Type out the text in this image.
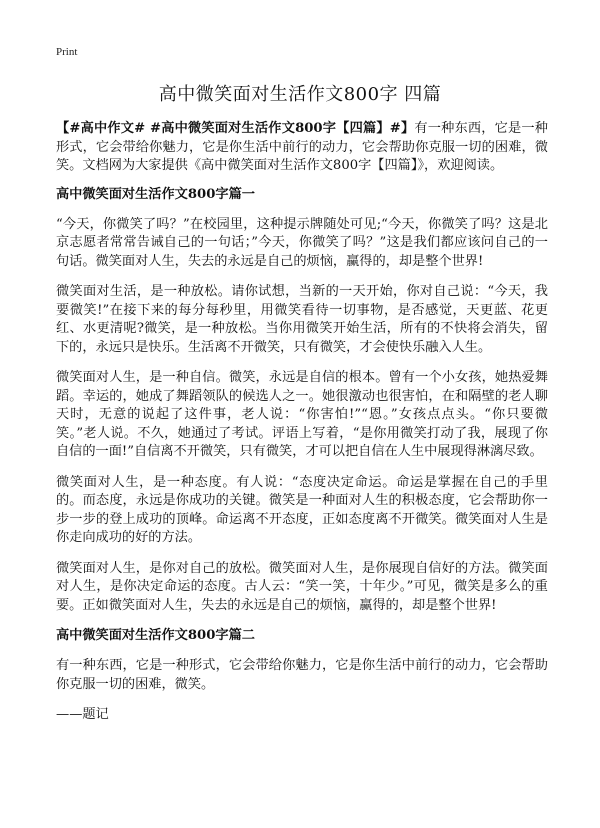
Print
高中微笑面对生活作文800字 四篇

【#高中作文# #高中微笑面对生活作文800字【四篇】#】有一种东西，它是一种形式，它会带给你魅力，它是你生活中前行的动力，它会帮助你克服一切的困难，微笑。文档网为大家提供《高中微笑面对生活作文800字【四篇】》，欢迎阅读。

高中微笑面对生活作文800字篇一

“今天，你微笑了吗？”在校园里，这种提示牌随处可见;“今天，你微笑了吗？这是北京志愿者常常告诫自己的一句话；”今天，你微笑了吗？”这是我们都应该问自己的一句话。微笑面对人生，失去的永远是自己的烦恼，赢得的，却是整个世界!

微笑面对生活，是一种放松。请你试想，当新的一天开始，你对自己说：“今天，我要微笑!”在接下来的每分每秒里，用微笑看待一切事物，是否感觉，天更蓝、花更红、水更清呢?微笑，是一种放松。当你用微笑开始生活，所有的不快将会消失，留下的，永远只是快乐。生活离不开微笑，只有微笑，才会使快乐融入人生。

微笑面对人生，是一种自信。微笑，永远是自信的根本。曾有一个小女孩，她热爱舞蹈。幸运的，她成了舞蹈领队的候选人之一。她很激动也很害怕，在和隔壁的老人聊天时，无意的说起了这件事，老人说：“你害怕!”“恩。”女孩点点头。“你只要微笑。”老人说。不久，她通过了考试。评语上写着，“是你用微笑打动了我，展现了你自信的一面!”自信离不开微笑，只有微笑，才可以把自信在人生中展现得淋漓尽致。

微笑面对人生，是一种态度。有人说：“态度决定命运。命运是掌握在自己的手里的。而态度，永远是你成功的关键。微笑是一种面对人生的积极态度，它会帮助你一步一步的登上成功的顶峰。命运离不开态度，正如态度离不开微笑。微笑面对人生是你走向成功的好的方法。

微笑面对人生，是你对自己的放松。微笑面对人生，是你展现自信好的方法。微笑面对人生，是你决定命运的态度。古人云：“笑一笑，十年少。”可见，微笑是多么的重要。正如微笑面对人生，失去的永远是自己的烦恼，赢得的，却是整个世界!

高中微笑面对生活作文800字篇二

有一种东西，它是一种形式，它会带给你魅力，它是你生活中前行的动力，它会帮助你克服一切的困难，微笑。

——题记
